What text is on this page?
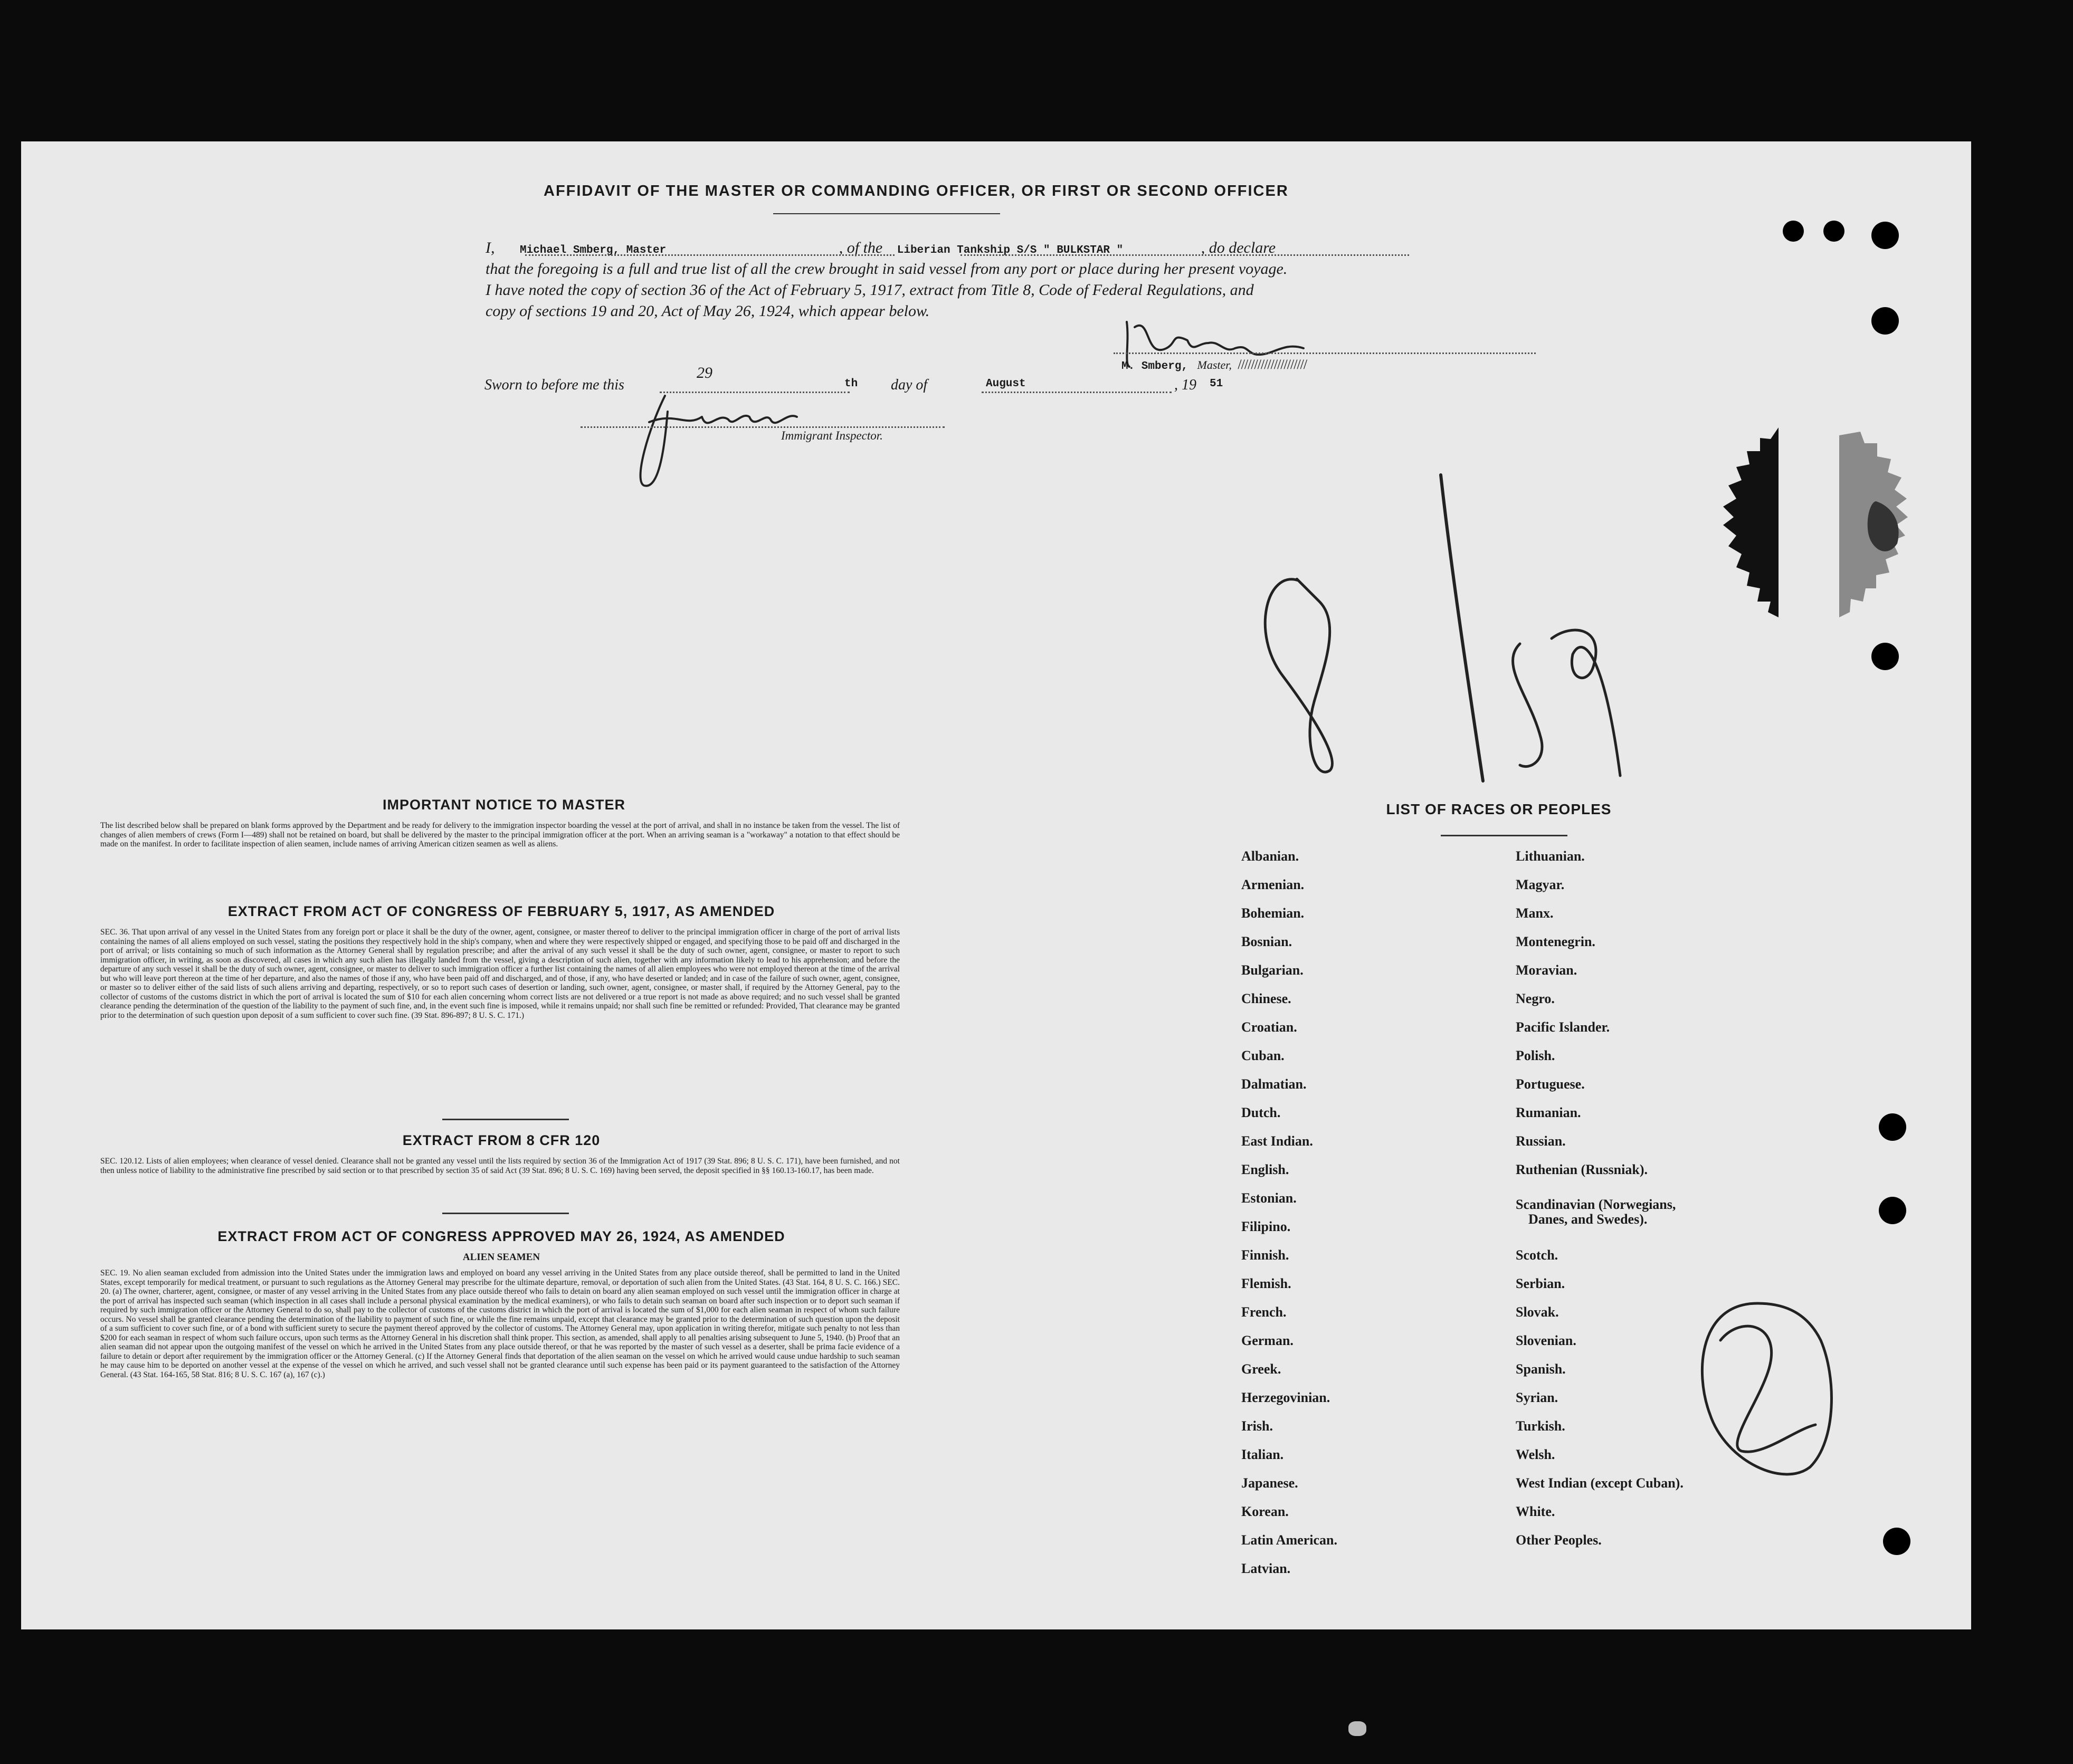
AFFIDAVIT OF THE MASTER OR COMMANDING OFFICER, OR FIRST OR SECOND OFFICER
I, Michael Smberg, Master	, of the Liberian Tankship S/S " BULKSTAR "	, do declare
that the foregoing is a full and true list of all the crew brought in said vessel from any port or place during her present voyage.
I have noted the copy of section 36 of the Act of February 5, 1917, extract from Title 8, Code of Federal Regulations, and
copy of sections 19 and 20, Act of May 26, 1924, which appear below.
M. Smberg, Master, /////////////////////
Sworn to before me this
29
th day of	August	, 19 51
Immigrant Inspector.
IMPORTANT NOTICE TO MASTER
The list described below shall be prepared on blank forms approved by the Department and be ready for delivery to the immigration inspector boarding the vessel at the port of arrival, and shall in no instance be taken from the vessel. The list of changes of alien members of crews (Form I—489) shall not be retained on board, but shall be delivered by the master to the principal immigration officer at the port. When an arriving seaman is a "workaway" a notation to that effect should be made on the manifest. In order to facilitate inspection of alien seamen, include names of arriving American citizen seamen as well as aliens.
EXTRACT FROM ACT OF CONGRESS OF FEBRUARY 5, 1917, AS AMENDED
SEC. 36. That upon arrival of any vessel in the United States from any foreign port or place it shall be the duty of the owner, agent, consignee, or master thereof to deliver to the principal immigration officer in charge of the port of arrival lists containing the names of all aliens employed on such vessel, stating the positions they respectively hold in the ship's company, when and where they were respectively shipped or engaged, and specifying those to be paid off and discharged in the port of arrival; or lists containing so much of such information as the Attorney General shall by regulation prescribe; and after the arrival of any such vessel it shall be the duty of such owner, agent, consignee, or master to report to such immigration officer, in writing, as soon as discovered, all cases in which any such alien has illegally landed from the vessel, giving a description of such alien, together with any information likely to lead to his apprehension; and before the departure of any such vessel it shall be the duty of such owner, agent, consignee, or master to deliver to such immigration officer a further list containing the names of all alien employees who were not employed thereon at the time of the arrival but who will leave port thereon at the time of her departure, and also the names of those if any, who have been paid off and discharged, and of those, if any, who have deserted or landed; and in case of the failure of such owner, agent, consignee, or master so to deliver either of the said lists of such aliens arriving and departing, respectively, or so to report such cases of desertion or landing, such owner, agent, consignee, or master shall, if required by the Attorney General, pay to the collector of customs of the customs district in which the port of arrival is located the sum of $10 for each alien concerning whom correct lists are not delivered or a true report is not made as above required; and no such vessel shall be granted clearance pending the determination of the question of the liability to the payment of such fine, and, in the event such fine is imposed, while it remains unpaid; nor shall such fine be remitted or refunded: Provided, That clearance may be granted prior to the determination of such question upon deposit of a sum sufficient to cover such fine. (39 Stat. 896-897; 8 U. S. C. 171.)
EXTRACT FROM 8 CFR 120
SEC. 120.12. Lists of alien employees; when clearance of vessel denied. Clearance shall not be granted any vessel until the lists required by section 36 of the Immigration Act of 1917 (39 Stat. 896; 8 U. S. C. 171), have been furnished, and not then unless notice of liability to the administrative fine prescribed by said section or to that prescribed by section 35 of said Act (39 Stat. 896; 8 U. S. C. 169) having been served, the deposit specified in §§ 160.13-160.17, has been made.
EXTRACT FROM ACT OF CONGRESS APPROVED MAY 26, 1924, AS AMENDED
ALIEN SEAMEN
SEC. 19. No alien seaman excluded from admission into the United States under the immigration laws and employed on board any vessel arriving in the United States from any place outside thereof, shall be permitted to land in the United States, except temporarily for medical treatment, or pursuant to such regulations as the Attorney General may prescribe for the ultimate departure, removal, or deportation of such alien from the United States. (43 Stat. 164, 8 U. S. C. 166.) SEC. 20. (a) The owner, charterer, agent, consignee, or master of any vessel arriving in the United States from any place outside thereof who fails to detain on board any alien seaman employed on such vessel until the immigration officer in charge at the port of arrival has inspected such seaman (which inspection in all cases shall include a personal physical examination by the medical examiners), or who fails to detain such seaman on board after such inspection or to deport such seaman if required by such immigration officer or the Attorney General to do so, shall pay to the collector of customs of the customs district in which the port of arrival is located the sum of $1,000 for each alien seaman in respect of whom such failure occurs. No vessel shall be granted clearance pending the determination of the liability to payment of such fine, or while the fine remains unpaid, except that clearance may be granted prior to the determination of such question upon the deposit of a sum sufficient to cover such fine, or of a bond with sufficient surety to secure the payment thereof approved by the collector of customs. The Attorney General may, upon application in writing therefor, mitigate such penalty to not less than $200 for each seaman in respect of whom such failure occurs, upon such terms as the Attorney General in his discretion shall think proper. This section, as amended, shall apply to all penalties arising subsequent to June 5, 1940. (b) Proof that an alien seaman did not appear upon the outgoing manifest of the vessel on which he arrived in the United States from any place outside thereof, or that he was reported by the master of such vessel as a deserter, shall be prima facie evidence of a failure to detain or deport after requirement by the immigration officer or the Attorney General. (c) If the Attorney General finds that deportation of the alien seaman on the vessel on which he arrived would cause undue hardship to such seaman he may cause him to be deported on another vessel at the expense of the vessel on which he arrived, and such vessel shall not be granted clearance until such expense has been paid or its payment guaranteed to the satisfaction of the Attorney General. (43 Stat. 164-165, 58 Stat. 816; 8 U. S. C. 167 (a), 167 (c).)
LIST OF RACES OR PEOPLES
Albanian.
Armenian.
Bohemian.
Bosnian.
Bulgarian.
Chinese.
Croatian.
Cuban.
Dalmatian.
Dutch.
East Indian.
English.
Estonian.
Filipino.
Finnish.
Flemish.
French.
German.
Greek.
Herzegovinian.
Irish.
Italian.
Japanese.
Korean.
Latin American.
Latvian.
Lithuanian.
Magyar.
Manx.
Montenegrin.
Moravian.
Negro.
Pacific Islander.
Polish.
Portuguese.
Rumanian.
Russian.
Ruthenian (Russniak).
Scandinavian (Norwegians,
Danes, and Swedes).
Scotch.
Serbian.
Slovak.
Slovenian.
Spanish.
Syrian.
Turkish.
Welsh.
West Indian (except Cuban).
White.
Other Peoples.
